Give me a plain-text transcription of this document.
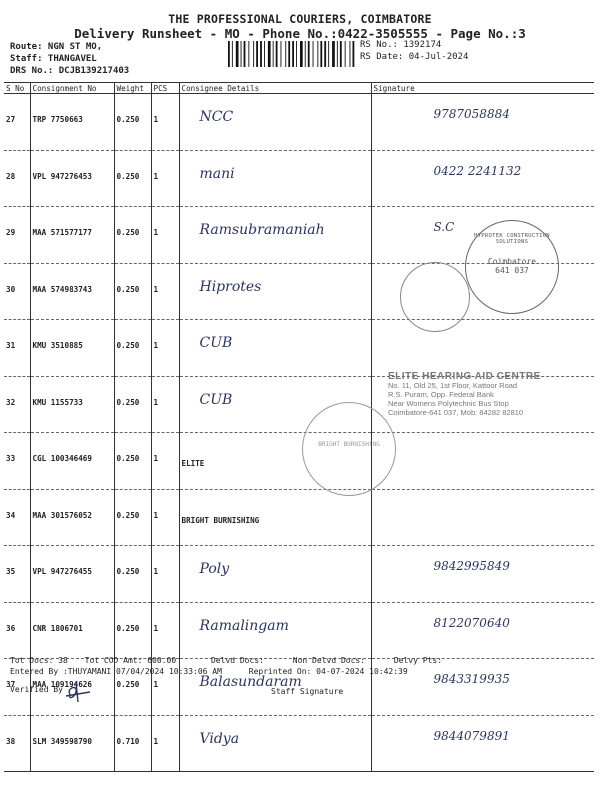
THE PROFESSIONAL COURIERS, COIMBATORE
Delivery Runsheet - MO - Phone No.:0422-3505555 - Page No.:3
Route: NGN ST MO,
Staff: THANGAVEL
DRS No.: DCJB139217403
RS No.: 1392174
RS Date: 04-Jul-2024
S No	Consignment No	Weight	PCS	Consignee Details	Signature
27	TRP 7750663	0.250	1	NCC	9787058884
28	VPL 947276453	0.250	1	mani	0422 2241132
29	MAA 571577177	0.250	1	Ramsubramaniah	S.C
30	MAA 574983743	0.250	1	Hiprotes	
31	KMU 3510885	0.250	1	CUB	
32	KMU 1155733	0.250	1	CUB	
33	CGL 100346469	0.250	1	ELITE	
34	MAA 301576052	0.250	1	BRIGHT BURNISHING	
35	VPL 947276455	0.250	1	Poly	9842995849
36	CNR 1806701	0.250	1	Ramalingam	8122070640
37	MAA 109194626	0.250	1	Balasundaram	9843319935
38	SLM 349598790	0.710	1	Vidya	9844079891
HYPROTEK CONSTRUCTION SOLUTIONS
Coimbatore
641 037
BRIGHT BURNISHING
ELITE HEARING AID CENTRE
No. 11, Old 25, 1st Floor, Kattoor Road
R.S. Puram, Opp. Federal Bank
Near Womens Polytechnic Bus Stop
Coimbatore-641 037, Mob: 84282 82810
Tot Docs: 38 Tot COD Amt: 600.00	Delvd Docs:	Non Delvd Docs:	Delvy Pts:
Entered By :THUYAMANI 07/04/2024 10:33:06 AM	Reprinted On: 04-07-2024 10:42:39
Verified By	Staff Signature
